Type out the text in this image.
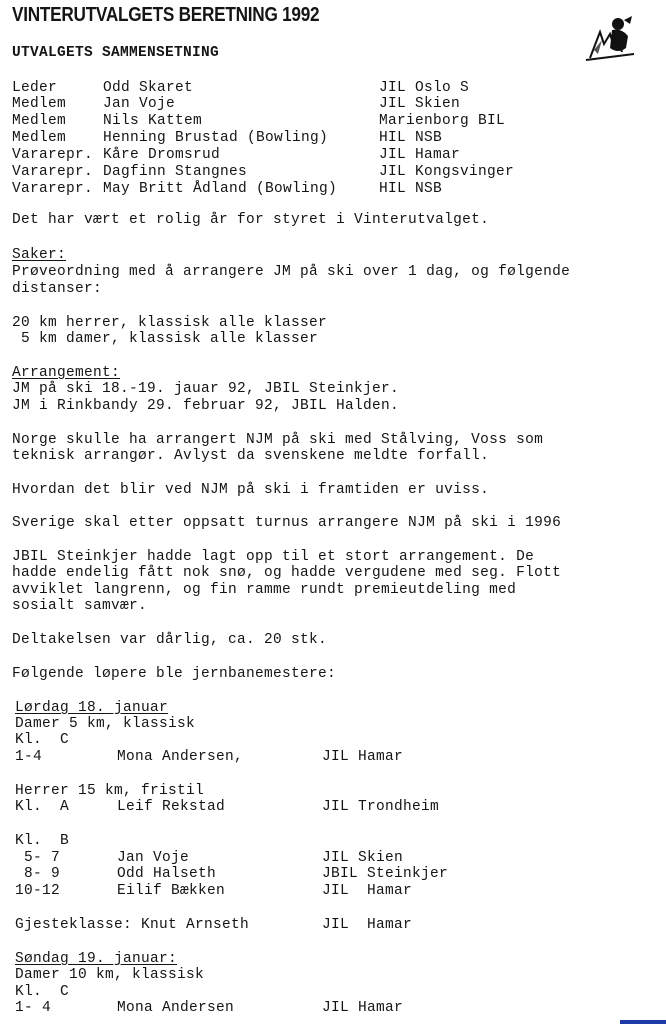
VINTERUTVALGETS BERETNING 1992
UTVALGETS SAMMENSETNING
Leder	Odd Skaret	JIL Oslo S
Medlem	Jan Voje	JIL Skien
Medlem	Nils Kattem	Marienborg BIL
Medlem	Henning Brustad (Bowling)	HIL NSB
Vararepr. Kåre Dromsrud	JIL Hamar
Vararepr. Dagfinn Stangnes	JIL Kongsvinger
Vararepr. May Britt Ådland (Bowling)	HIL NSB
Det har vært et rolig år for styret i Vinterutvalget.
Saker:
Prøveordning med å arrangere JM på ski over 1 dag, og følgende
distanser:
20 km herrer, klassisk alle klasser
5 km damer, klassisk alle klasser
Arrangement:
JM på ski 18.-19. jauar 92, JBIL Steinkjer.
JM i Rinkbandy 29. februar 92, JBIL Halden.
Norge skulle ha arrangert NJM på ski med Stålving, Voss som
teknisk arrangør. Avlyst da svenskene meldte forfall.
Hvordan det blir ved NJM på ski i framtiden er uviss.
Sverige skal etter oppsatt turnus arrangere NJM på ski i 1996
JBIL Steinkjer hadde lagt opp til et stort arrangement. De
hadde endelig fått nok snø, og hadde vergudene med seg. Flott
avviklet langrenn, og fin ramme rundt premieutdeling med
sosialt samvær.
Deltakelsen var dårlig, ca. 20 stk.
Følgende løpere ble jernbanemestere:
Lørdag 18. januar
Damer 5 km, klassisk
Kl.  C
1-4	Mona Andersen,	JIL Hamar
Herrer 15 km, fristil
Kl.  A	Leif Rekstad	JIL Trondheim
Kl.  B
5- 7	Jan Voje	JIL Skien
8- 9	Odd Halseth	JBIL Steinkjer
10-12	Eilif Bækken	JIL  Hamar
Gjesteklasse: Knut Arnseth	JIL  Hamar
Søndag 19. januar:
Damer 10 km, klassisk
Kl.  C
1- 4	Mona Andersen	JIL Hamar
